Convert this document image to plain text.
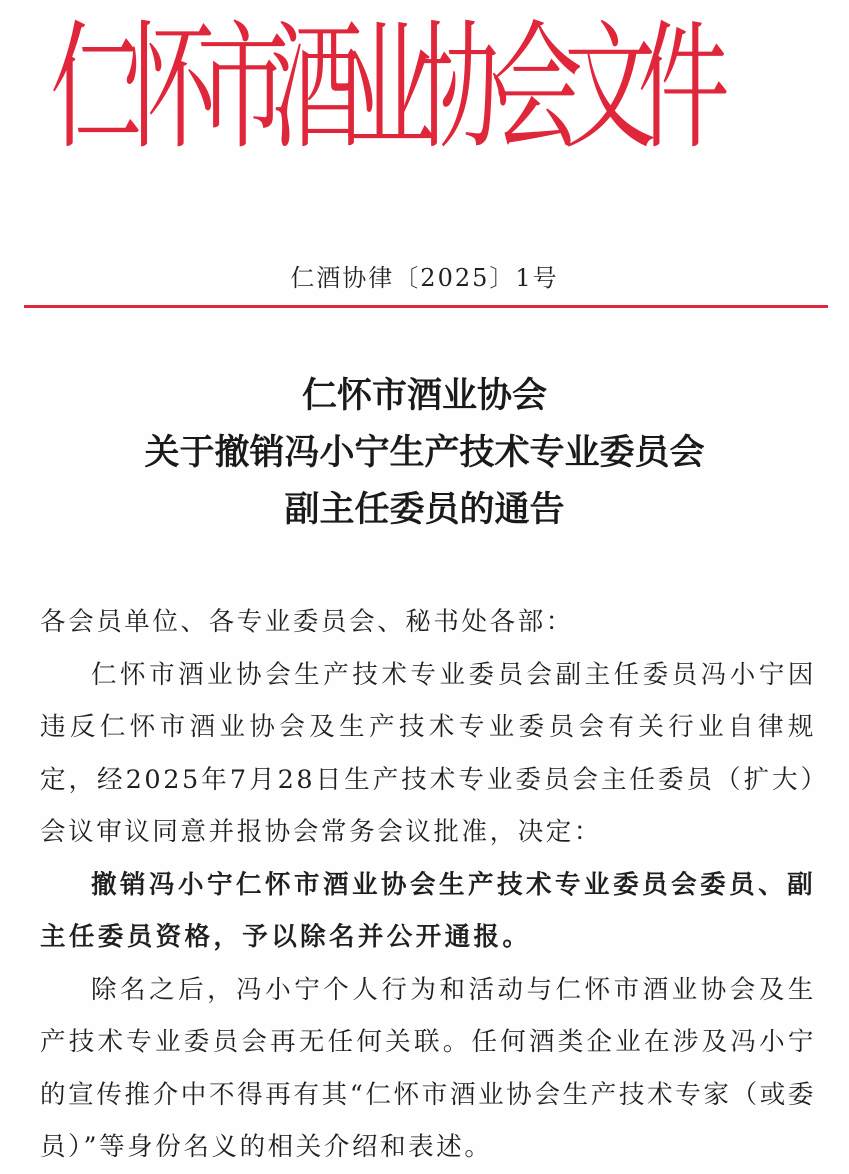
仁怀市酒业协会文件
仁酒协律〔2025〕1号
仁怀市酒业协会
关于撤销冯小宁生产技术专业委员会
副主任委员的通告

各会员单位、各专业委员会、秘书处各部：

仁怀市酒业协会生产技术专业委员会副主任委员冯小宁因违反仁怀市酒业协会及生产技术专业委员会有关行业自律规定，经2025年7月28日生产技术专业委员会主任委员（扩大）会议审议同意并报协会常务会议批准，决定：

撤销冯小宁仁怀市酒业协会生产技术专业委员会委员、副主任委员资格，予以除名并公开通报。

除名之后，冯小宁个人行为和活动与仁怀市酒业协会及生产技术专业委员会再无任何关联。任何酒类企业在涉及冯小宁的宣传推介中不得再有其“仁怀市酒业协会生产技术专家（或委员）”等身份名义的相关介绍和表述。
